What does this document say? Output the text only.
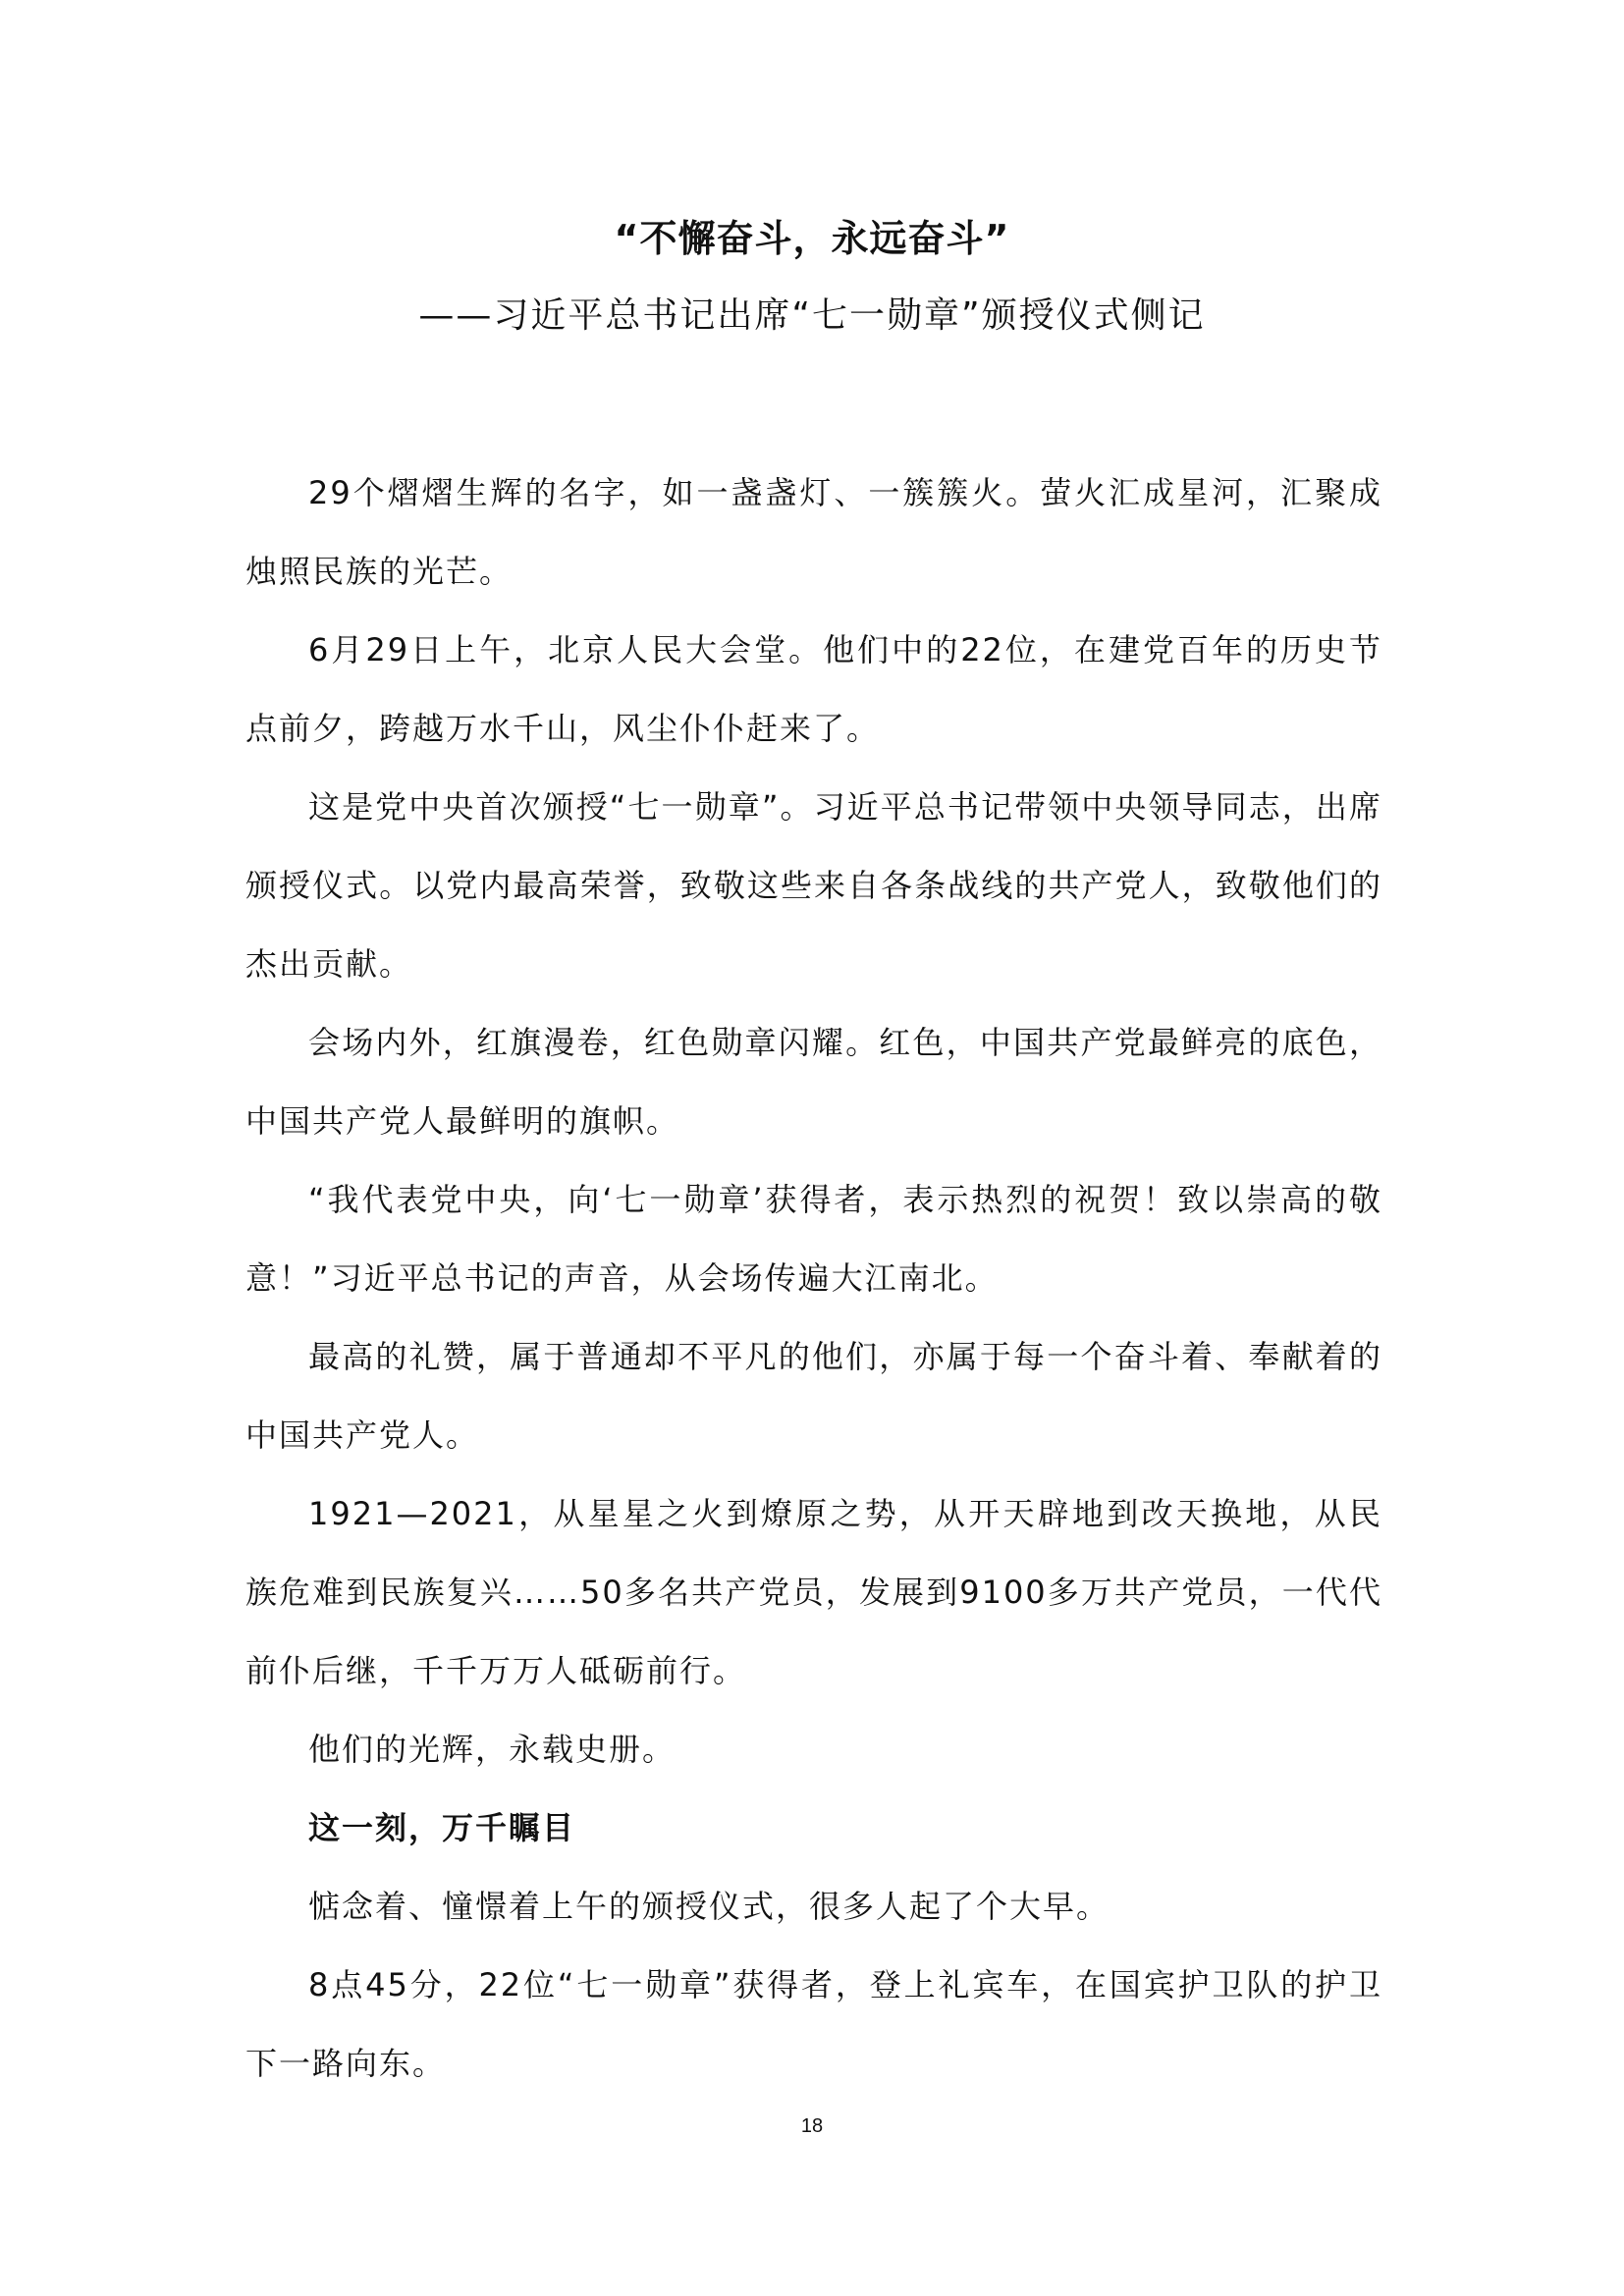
“不懈奋斗，永远奋斗”
——习近平总书记出席“七一勋章”颁授仪式侧记

29个熠熠生辉的名字，如一盏盏灯、一簇簇火。萤火汇成星河，汇聚成烛照民族的光芒。

6月29日上午，北京人民大会堂。他们中的22位，在建党百年的历史节点前夕，跨越万水千山，风尘仆仆赶来了。

这是党中央首次颁授“七一勋章”。习近平总书记带领中央领导同志，出席颁授仪式。以党内最高荣誉，致敬这些来自各条战线的共产党人，致敬他们的杰出贡献。

会场内外，红旗漫卷，红色勋章闪耀。红色，中国共产党最鲜亮的底色，中国共产党人最鲜明的旗帜。

“我代表党中央，向‘七一勋章’获得者，表示热烈的祝贺！致以崇高的敬意！”习近平总书记的声音，从会场传遍大江南北。

最高的礼赞，属于普通却不平凡的他们，亦属于每一个奋斗着、奉献着的中国共产党人。

1921—2021，从星星之火到燎原之势，从开天辟地到改天换地，从民族危难到民族复兴……50多名共产党员，发展到9100多万共产党员，一代代前仆后继，千千万万人砥砺前行。

他们的光辉，永载史册。

这一刻，万千瞩目

惦念着、憧憬着上午的颁授仪式，很多人起了个大早。

8点45分，22位“七一勋章”获得者，登上礼宾车，在国宾护卫队的护卫下一路向东。

18
